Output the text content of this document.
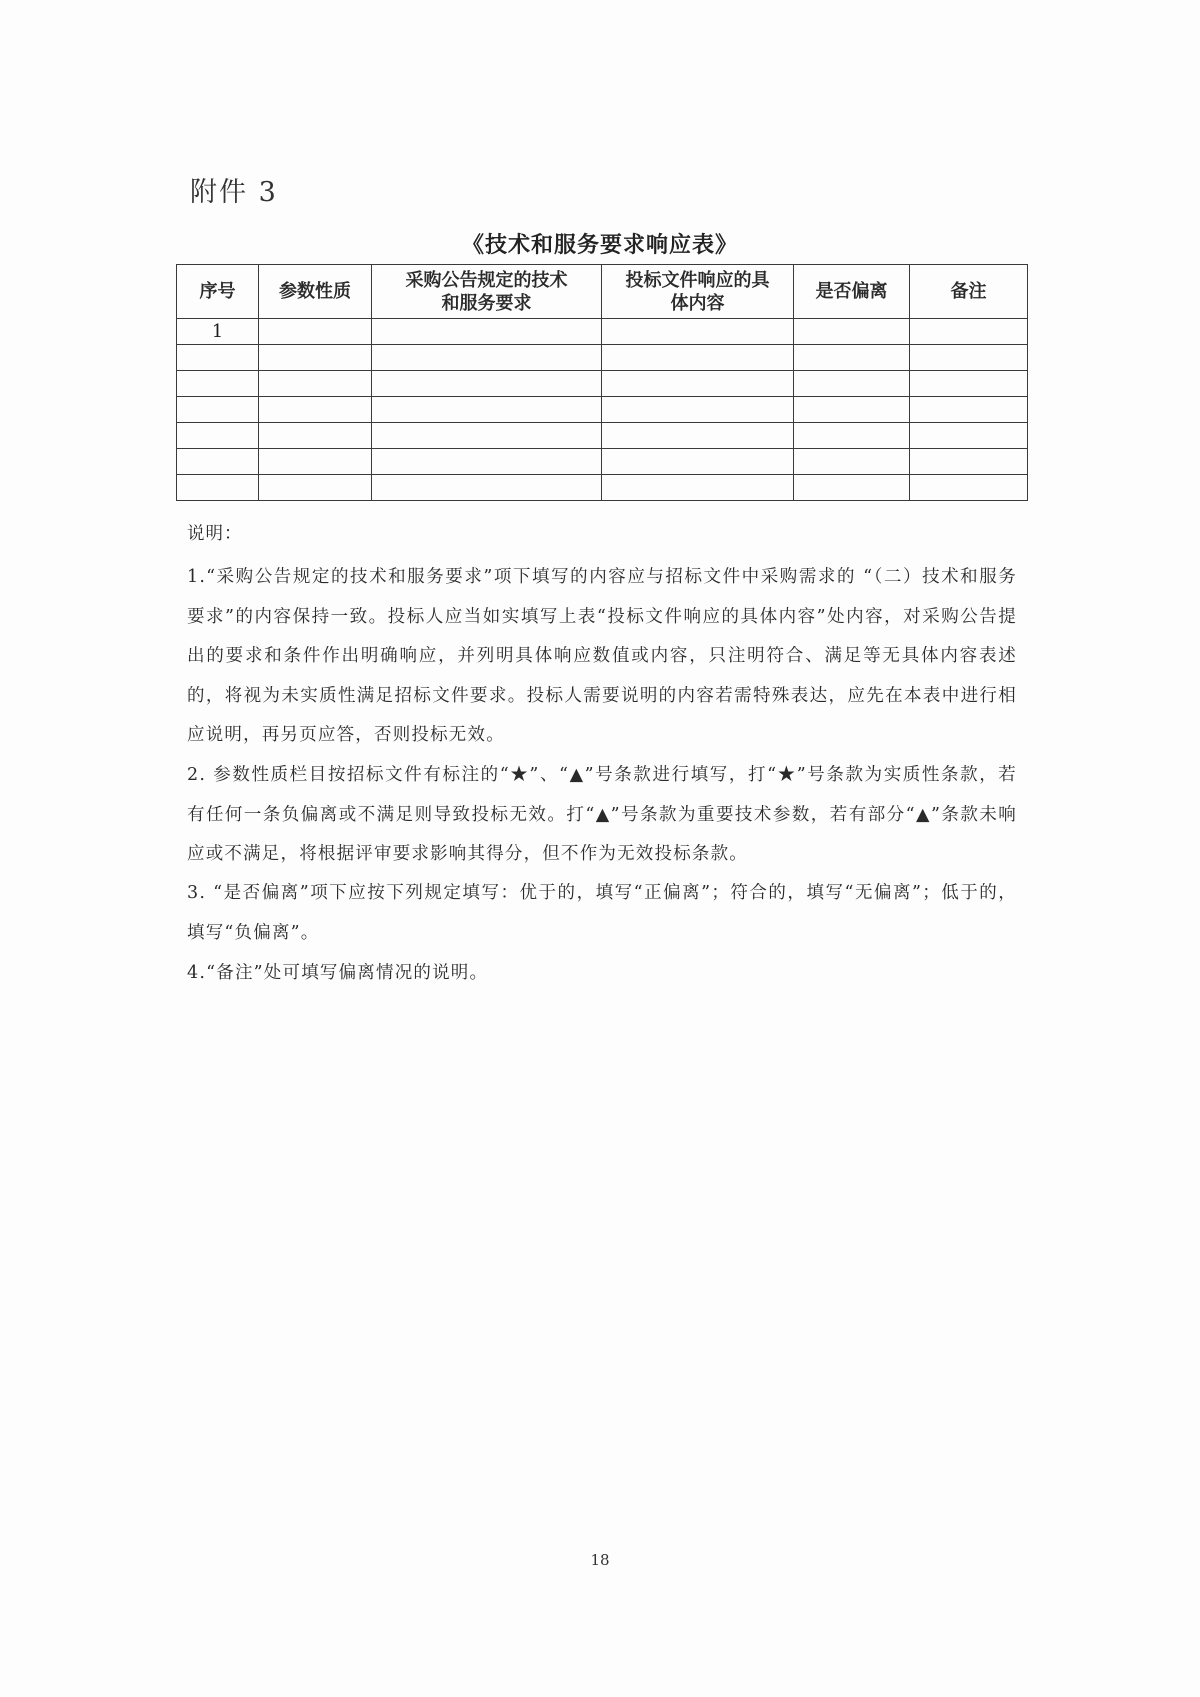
附件 3
《技术和服务要求响应表》
序号	参数性质	采购公告规定的技术和服务要求	投标文件响应的具体内容	是否偏离	备注
1					

说明：
1.“采购公告规定的技术和服务要求”项下填写的内容应与招标文件中采购需求的 “（二）技术和服务要求”的内容保持一致。投标人应当如实填写上表“投标文件响应的具体内容”处内容，对采购公告提出的要求和条件作出明确响应，并列明具体响应数值或内容，只注明符合、满足等无具体内容表述的，将视为未实质性满足招标文件要求。投标人需要说明的内容若需特殊表达，应先在本表中进行相应说明，再另页应答，否则投标无效。
2. 参数性质栏目按招标文件有标注的“★”、“▲”号条款进行填写，打“★”号条款为实质性条款，若有任何一条负偏离或不满足则导致投标无效。打“▲”号条款为重要技术参数，若有部分“▲”条款未响应或不满足，将根据评审要求影响其得分，但不作为无效投标条款。
3. “是否偏离”项下应按下列规定填写：优于的，填写“正偏离”；符合的，填写“无偏离”；低于的，填写“负偏离”。
4.“备注”处可填写偏离情况的说明。
18
